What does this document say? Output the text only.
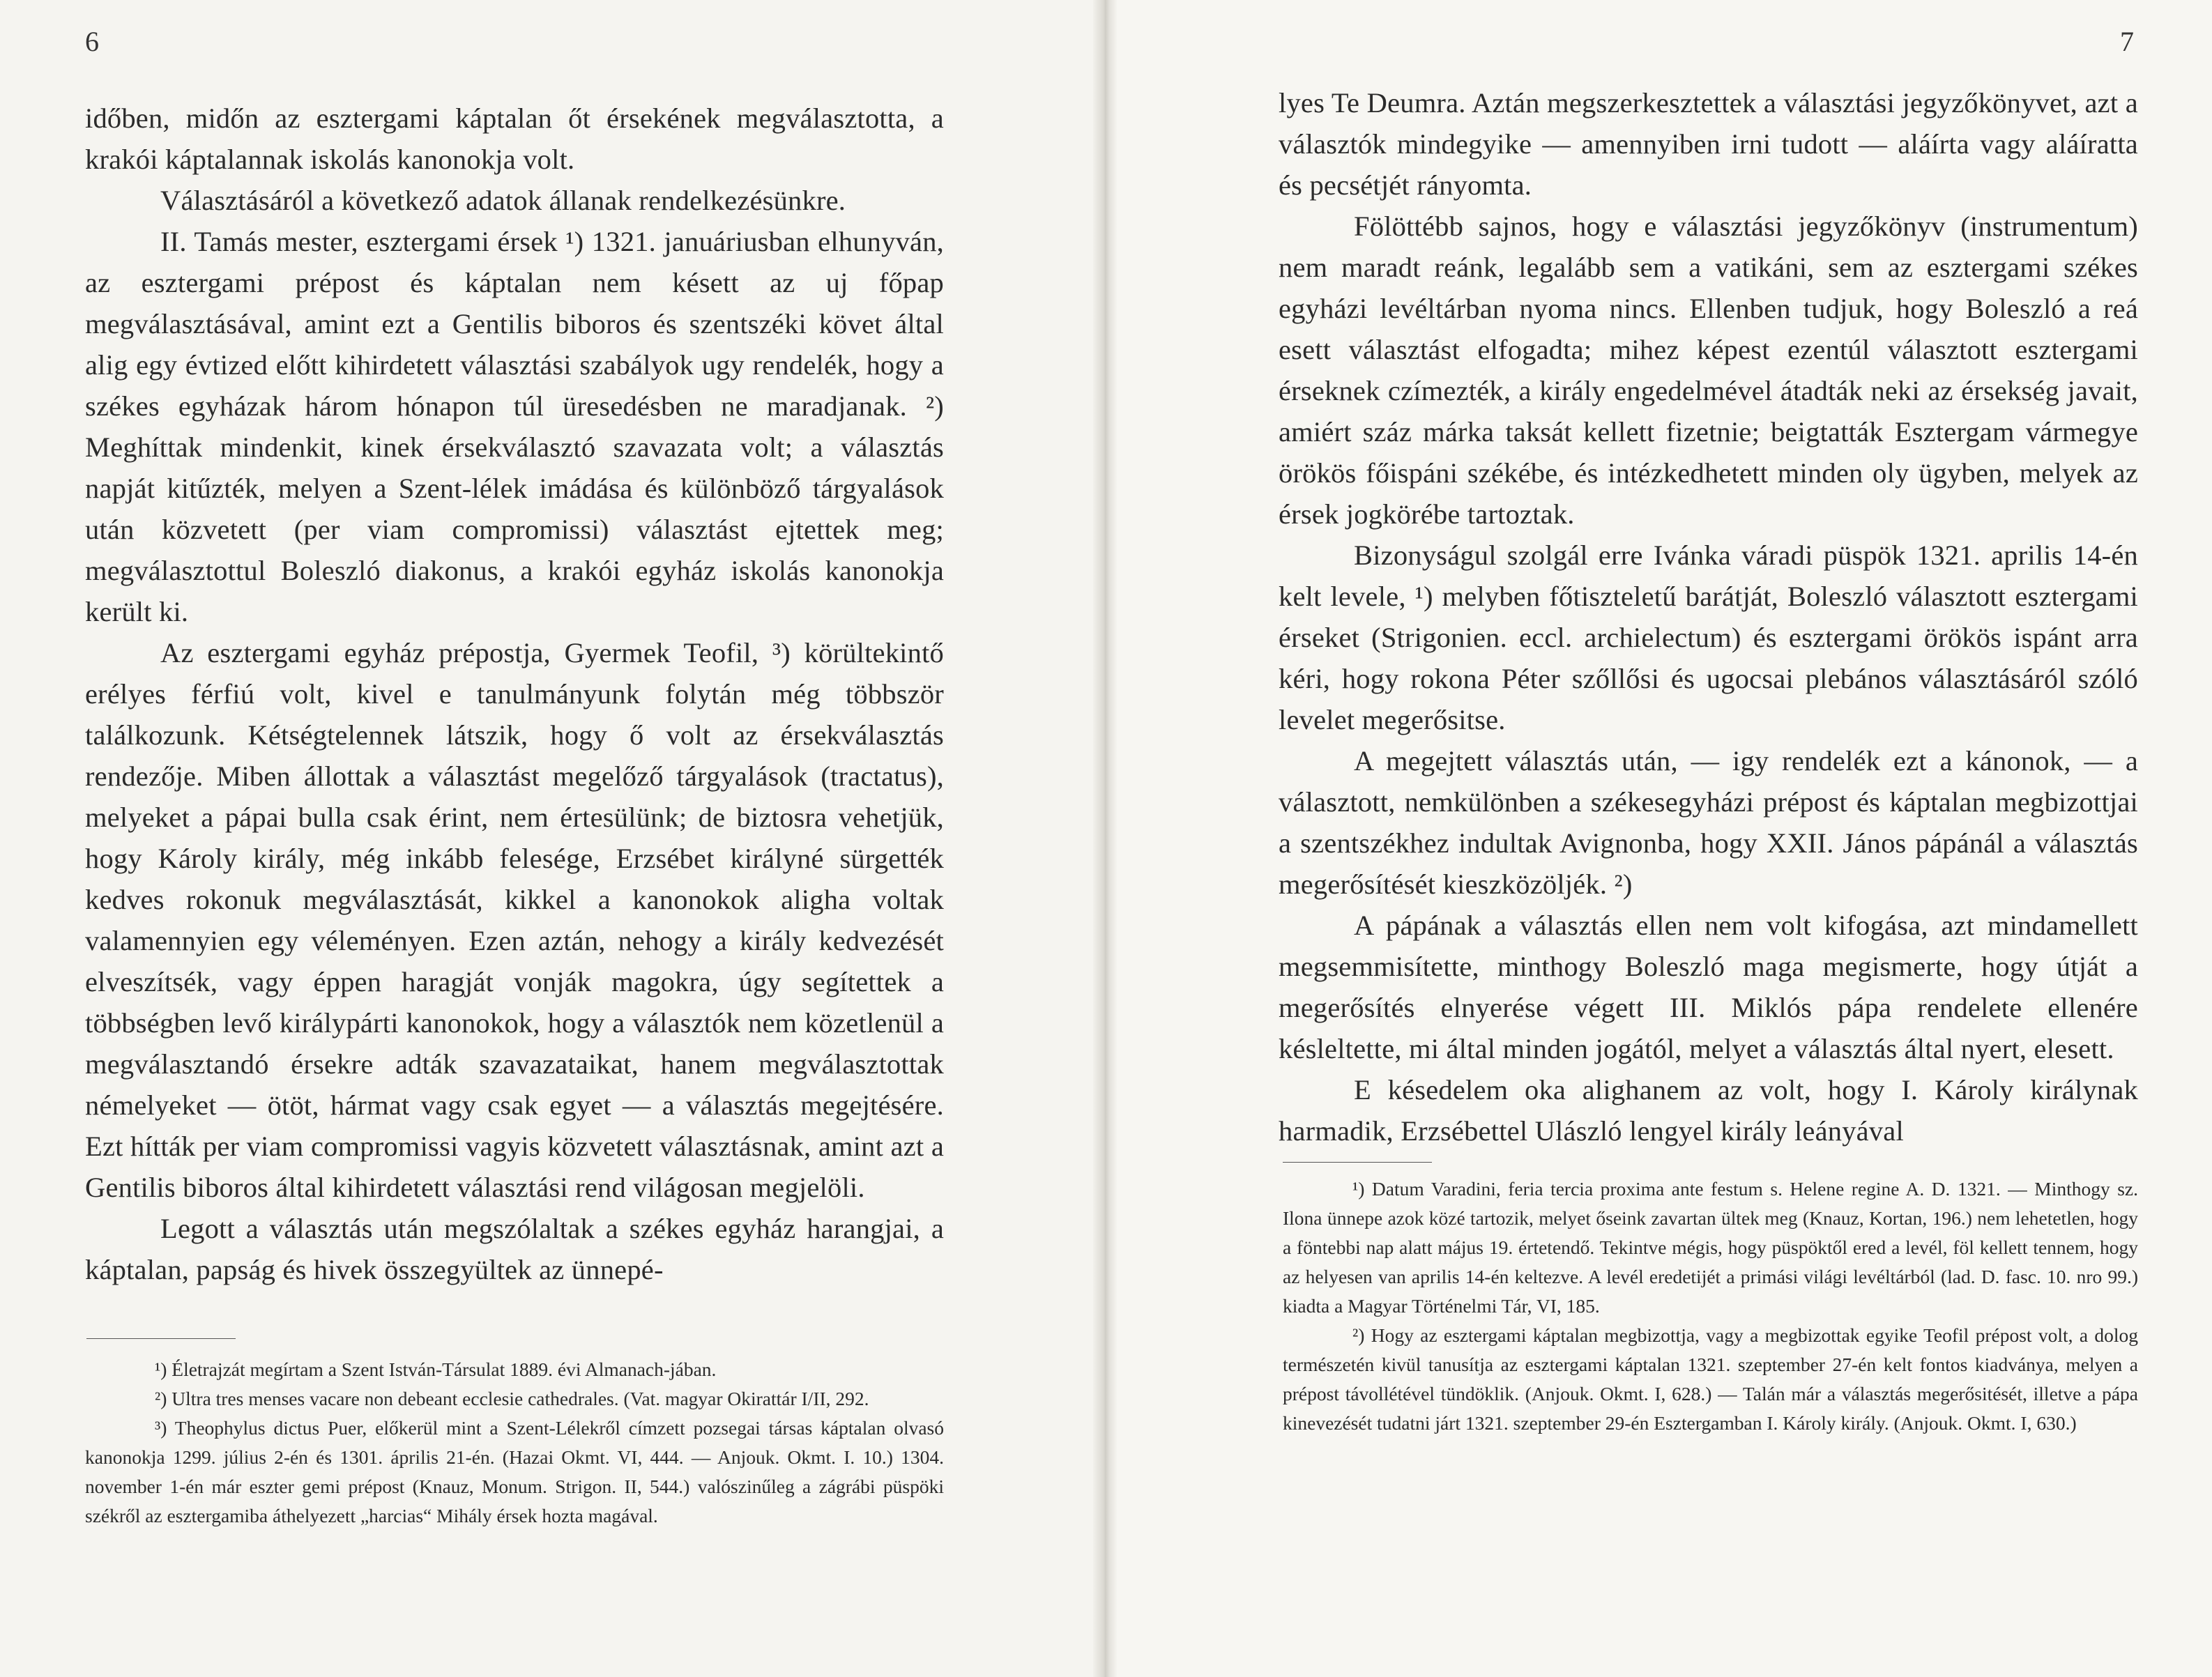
6

időben, midőn az esztergami káptalan őt érsekének megválasztotta, a krakói káptalannak iskolás kanonokja volt.

Választásáról a következő adatok állanak rendelkezésünkre.

II. Tamás mester, esztergami érsek ¹) 1321. januáriusban elhunyván, az esztergami prépost és káptalan nem késett az uj főpap megválasztásával, amint ezt a Gentilis biboros és szentszéki követ által alig egy évtized előtt kihirdetett választási szabályok ugy rendelék, hogy a székes egyházak három hónapon túl üresedésben ne maradjanak. ²) Meghíttak mindenkit, kinek érsekválasztó szavazata volt; a választás napját kitűzték, melyen a Szent-lélek imádása és különböző tárgyalások után közvetett (per viam compromissi) választást ejtettek meg; megválasztottul Boleszló diakonus, a krakói egyház iskolás kanonokja került ki.

Az esztergami egyház prépostja, Gyermek Teofil, ³) körültekintő erélyes férfiú volt, kivel e tanulmányunk folytán még többször találkozunk. Kétségtelennek látszik, hogy ő volt az érsekválasztás rendezője. Miben állottak a választást megelőző tárgyalások (tractatus), melyeket a pápai bulla csak érint, nem értesülünk; de biztosra vehetjük, hogy Károly király, még inkább felesége, Erzsébet királyné sürgették kedves rokonuk megválasztását, kikkel a kanonokok aligha voltak valamennyien egy véleményen. Ezen aztán, nehogy a király kedvezését elveszítsék, vagy éppen haragját vonják magokra, úgy segítettek a többségben levő királypárti kanonokok, hogy a választók nem közetlenül a megválasztandó érsekre adták szavazataikat, hanem megválasztottak némelyeket — ötöt, hármat vagy csak egyet — a választás megejtésére. Ezt hítták per viam compromissi vagyis közvetett választásnak, amint azt a Gentilis biboros által kihirdetett választási rend világosan megjelöli.

Legott a választás után megszólaltak a székes egyház harangjai, a káptalan, papság és hivek összegyültek az ünnepé-

¹) Életrajzát megírtam a Szent István-Társulat 1889. évi Almanach-jában.

²) Ultra tres menses vacare non debeant ecclesie cathedrales. (Vat. magyar Okirattár I/II, 292.

³) Theophylus dictus Puer, előkerül mint a Szent-Lélekről címzett pozsegai társas káptalan olvasó kanonokja 1299. július 2-én és 1301. április 21-én. (Hazai Okmt. VI, 444. — Anjouk. Okmt. I. 10.) 1304. november 1-én már eszter gemi prépost (Knauz, Monum. Strigon. II, 544.) valószinűleg a zágrábi püspöki székről az esztergamiba áthelyezett „harcias“ Mihály érsek hozta magával.

7

lyes Te Deumra. Aztán megszerkesztettek a választási jegyzőkönyvet, azt a választók mindegyike — amennyiben irni tudott — aláírta vagy aláíratta és pecsétjét rányomta.

Fölöttébb sajnos, hogy e választási jegyzőkönyv (instrumentum) nem maradt reánk, legalább sem a vatikáni, sem az esztergami székes egyházi levéltárban nyoma nincs. Ellenben tudjuk, hogy Boleszló a reá esett választást elfogadta; mihez képest ezentúl választott esztergami érseknek czímezték, a király engedelmével átadták neki az érsekség javait, amiért száz márka taksát kellett fizetnie; beigtatták Esztergam vármegye örökös főispáni székébe, és intézkedhetett minden oly ügyben, melyek az érsek jogkörébe tartoztak.

Bizonyságul szolgál erre Ivánka váradi püspök 1321. aprilis 14-én kelt levele, ¹) melyben főtiszteletű barátját, Boleszló választott esztergami érseket (Strigonien. eccl. archielectum) és esztergami örökös ispánt arra kéri, hogy rokona Péter szőllősi és ugocsai plebános választásáról szóló levelet megerősitse.

A megejtett választás után, — igy rendelék ezt a kánonok, — a választott, nemkülönben a székesegyházi prépost és káptalan megbizottjai a szentszékhez indultak Avignonba, hogy XXII. János pápánál a választás megerősítését kieszközöljék. ²)

A pápának a választás ellen nem volt kifogása, azt mindamellett megsemmisítette, minthogy Boleszló maga megismerte, hogy útját a megerősítés elnyerése végett III. Miklós pápa rendelete ellenére késleltette, mi által minden jogától, melyet a választás által nyert, elesett.

E késedelem oka alighanem az volt, hogy I. Károly királynak harmadik, Erzsébettel Ulászló lengyel király leányával

¹) Datum Varadini, feria tercia proxima ante festum s. Helene regine A. D. 1321. — Minthogy sz. Ilona ünnepe azok közé tartozik, melyet őseink zavartan ültek meg (Knauz, Kortan, 196.) nem lehetetlen, hogy a föntebbi nap alatt május 19. értetendő. Tekintve mégis, hogy püspöktől ered a levél, föl kellett tennem, hogy az helyesen van aprilis 14-én keltezve. A levél eredetijét a primási világi levéltárból (lad. D. fasc. 10. nro 99.) kiadta a Magyar Történelmi Tár, VI, 185.

²) Hogy az esztergami káptalan megbizottja, vagy a megbizottak egyike Teofil prépost volt, a dolog természetén kivül tanusítja az esztergami káptalan 1321. szeptember 27-én kelt fontos kiadványa, melyen a prépost távollétével tündöklik. (Anjouk. Okmt. I, 628.) — Talán már a választás megerősitését, illetve a pápa kinevezését tudatni járt 1321. szeptember 29-én Esztergamban I. Károly király. (Anjouk. Okmt. I, 630.)
